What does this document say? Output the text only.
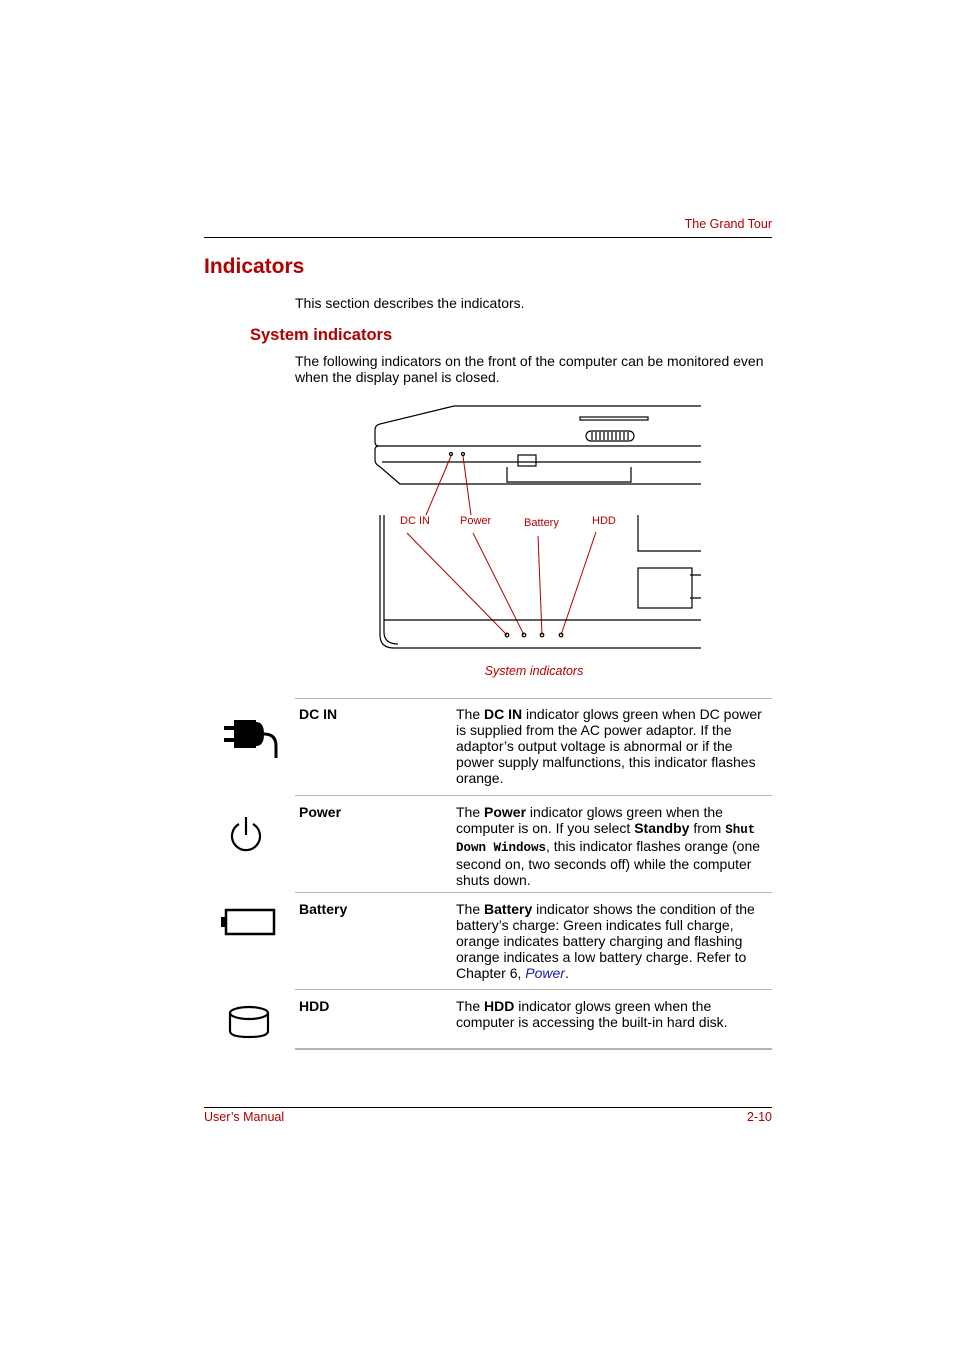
The Grand Tour
Indicators
This section describes the indicators.
System indicators
The following indicators on the front of the computer can be monitored even when the display panel is closed.
DC IN	Power	Battery	HDD
System indicators
DC IN	The DC IN indicator glows green when DC power is supplied from the AC power adaptor. If the adaptor’s output voltage is abnormal or if the power supply malfunctions, this indicator flashes orange.
Power	The Power indicator glows green when the computer is on. If you select Standby from Shut Down Windows, this indicator flashes orange (one second on, two seconds off) while the computer shuts down.
Battery	The Battery indicator shows the condition of the battery’s charge: Green indicates full charge, orange indicates battery charging and flashing orange indicates a low battery charge. Refer to Chapter 6, Power.
HDD	The HDD indicator glows green when the computer is accessing the built-in hard disk.
User’s Manual	2-10
